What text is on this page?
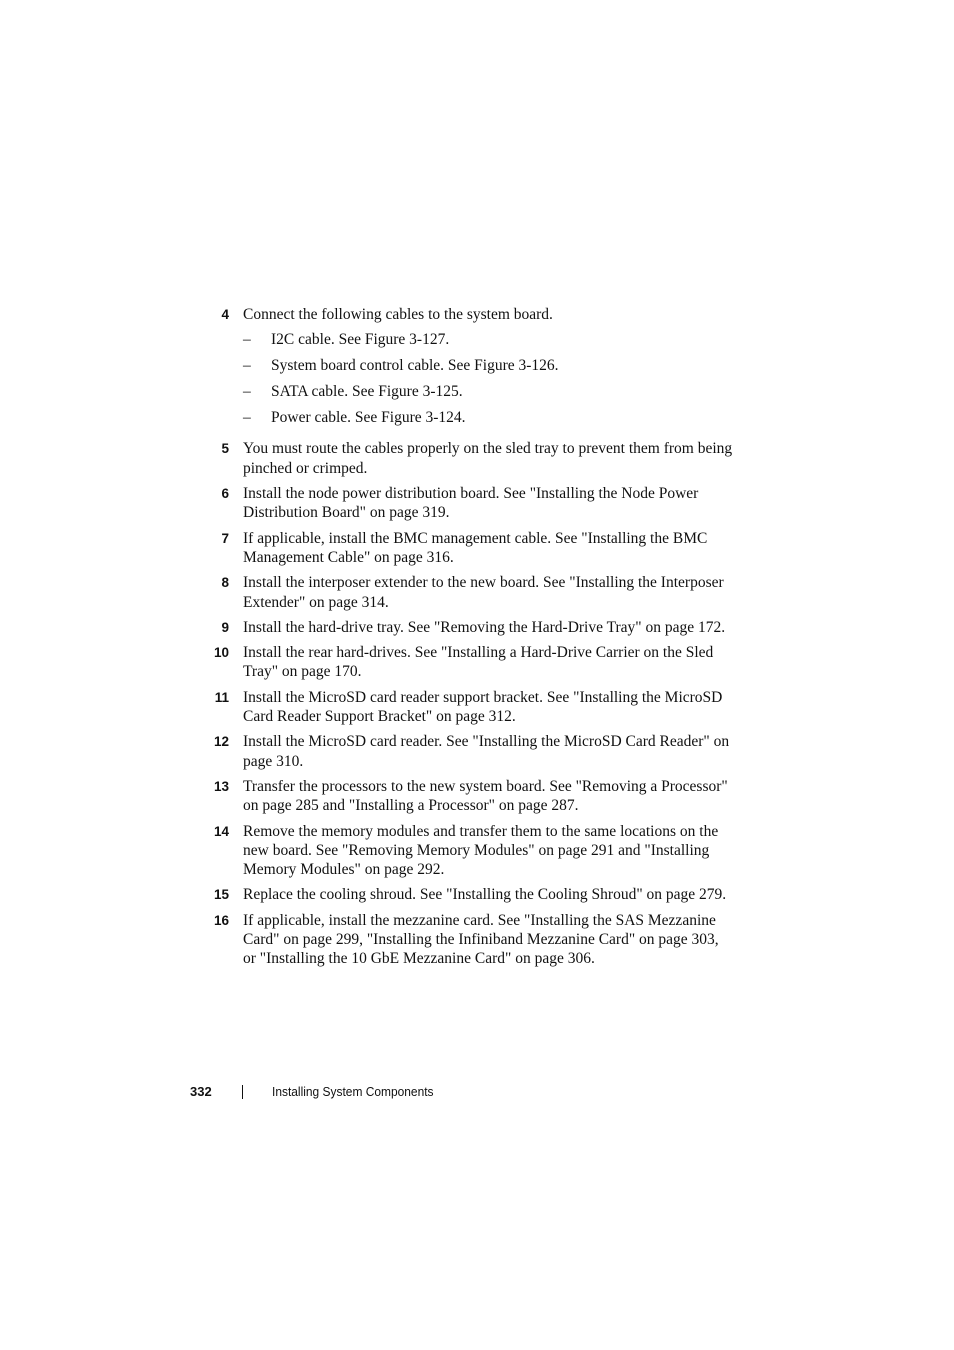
4 Connect the following cables to the system board.
–	I2C cable. See Figure 3-127.
–	System board control cable. See Figure 3-126.
–	SATA cable. See Figure 3-125.
–	Power cable. See Figure 3-124.
5 You must route the cables properly on the sled tray to prevent them from being pinched or crimped.
6 Install the node power distribution board. See "Installing the Node Power Distribution Board" on page 319.
7 If applicable, install the BMC management cable. See "Installing the BMC Management Cable" on page 316.
8 Install the interposer extender to the new board. See "Installing the Interposer Extender" on page 314.
9 Install the hard-drive tray. See "Removing the Hard-Drive Tray" on page 172.
10 Install the rear hard-drives. See "Installing a Hard-Drive Carrier on the Sled Tray" on page 170.
11 Install the MicroSD card reader support bracket. See "Installing the MicroSD Card Reader Support Bracket" on page 312.
12 Install the MicroSD card reader. See "Installing the MicroSD Card Reader" on page 310.
13 Transfer the processors to the new system board. See "Removing a Processor" on page 285 and "Installing a Processor" on page 287.
14 Remove the memory modules and transfer them to the same locations on the new board. See "Removing Memory Modules" on page 291 and "Installing Memory Modules" on page 292.
15 Replace the cooling shroud. See "Installing the Cooling Shroud" on page 279.
16 If applicable, install the mezzanine card. See "Installing the SAS Mezzanine Card" on page 299, "Installing the Infiniband Mezzanine Card" on page 303, or "Installing the 10 GbE Mezzanine Card" on page 306.
332	Installing System Components
